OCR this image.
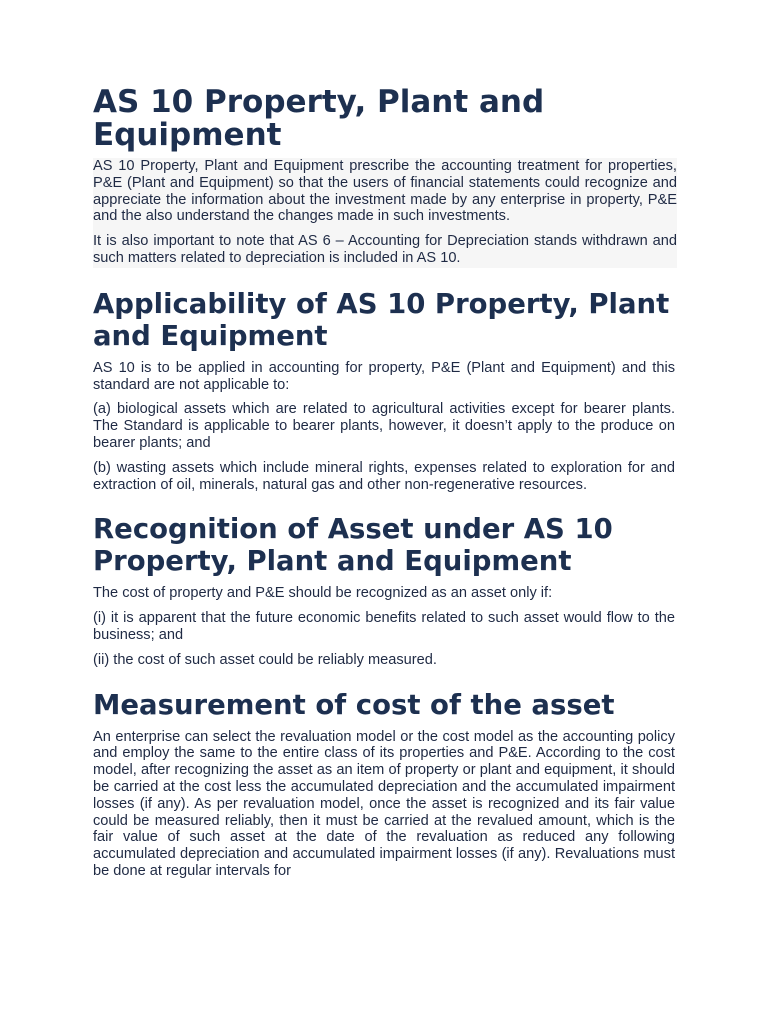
AS 10 Property, Plant and Equipment

AS 10 Property, Plant and Equipment prescribe the accounting treatment for properties, P&E (Plant and Equipment) so that the users of financial statements could recognize and appreciate the information about the investment made by any enterprise in property, P&E and the also understand the changes made in such investments.

It is also important to note that AS 6 – Accounting for Depreciation stands withdrawn and such matters related to depreciation is included in AS 10.

Applicability of AS 10 Property, Plant and Equipment

AS 10 is to be applied in accounting for property, P&E (Plant and Equipment) and this standard are not applicable to:

(a) biological assets which are related to agricultural activities except for bearer plants. The Standard is applicable to bearer plants, however, it doesn’t apply to the produce on bearer plants; and

(b) wasting assets which include mineral rights, expenses related to exploration for and extraction of oil, minerals, natural gas and other non-regenerative resources.

Recognition of Asset under AS 10 Property, Plant and Equipment

The cost of property and P&E should be recognized as an asset only if:

(i) it is apparent that the future economic benefits related to such asset would flow to the business; and

(ii) the cost of such asset could be reliably measured.

Measurement of cost of the asset

An enterprise can select the revaluation model or the cost model as the accounting policy and employ the same to the entire class of its properties and P&E. According to the cost model, after recognizing the asset as an item of property or plant and equipment, it should be carried at the cost less the accumulated depreciation and the accumulated impairment losses (if any). As per revaluation model, once the asset is recognized and its fair value could be measured reliably, then it must be carried at the revalued amount, which is the fair value of such asset at the date of the revaluation as reduced any following accumulated depreciation and accumulated impairment losses (if any). Revaluations must be done at regular intervals for
